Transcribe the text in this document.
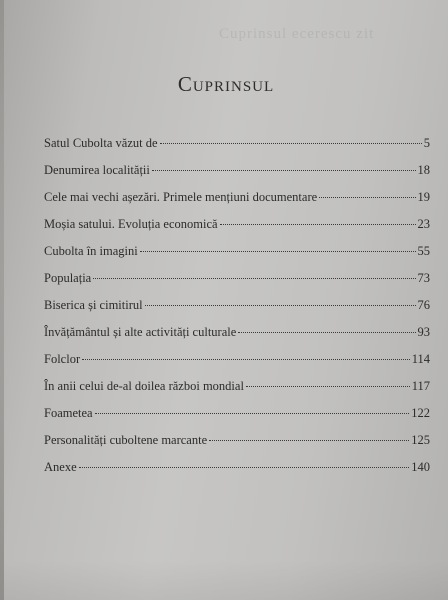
Cuprinsul ecerescu zit
Cuprinsul
Satul Cubolta văzut de	5
Denumirea localității	18
Cele mai vechi așezări. Primele mențiuni documentare	19
Moșia satului. Evoluția economică	23
Cubolta în imagini	55
Populația	73
Biserica și cimitirul	76
Învățământul și alte activități culturale	93
Folclor	114
În anii celui de-al doilea război mondial	117
Foametea	122
Personalități cuboltene marcante	125
Anexe	140
